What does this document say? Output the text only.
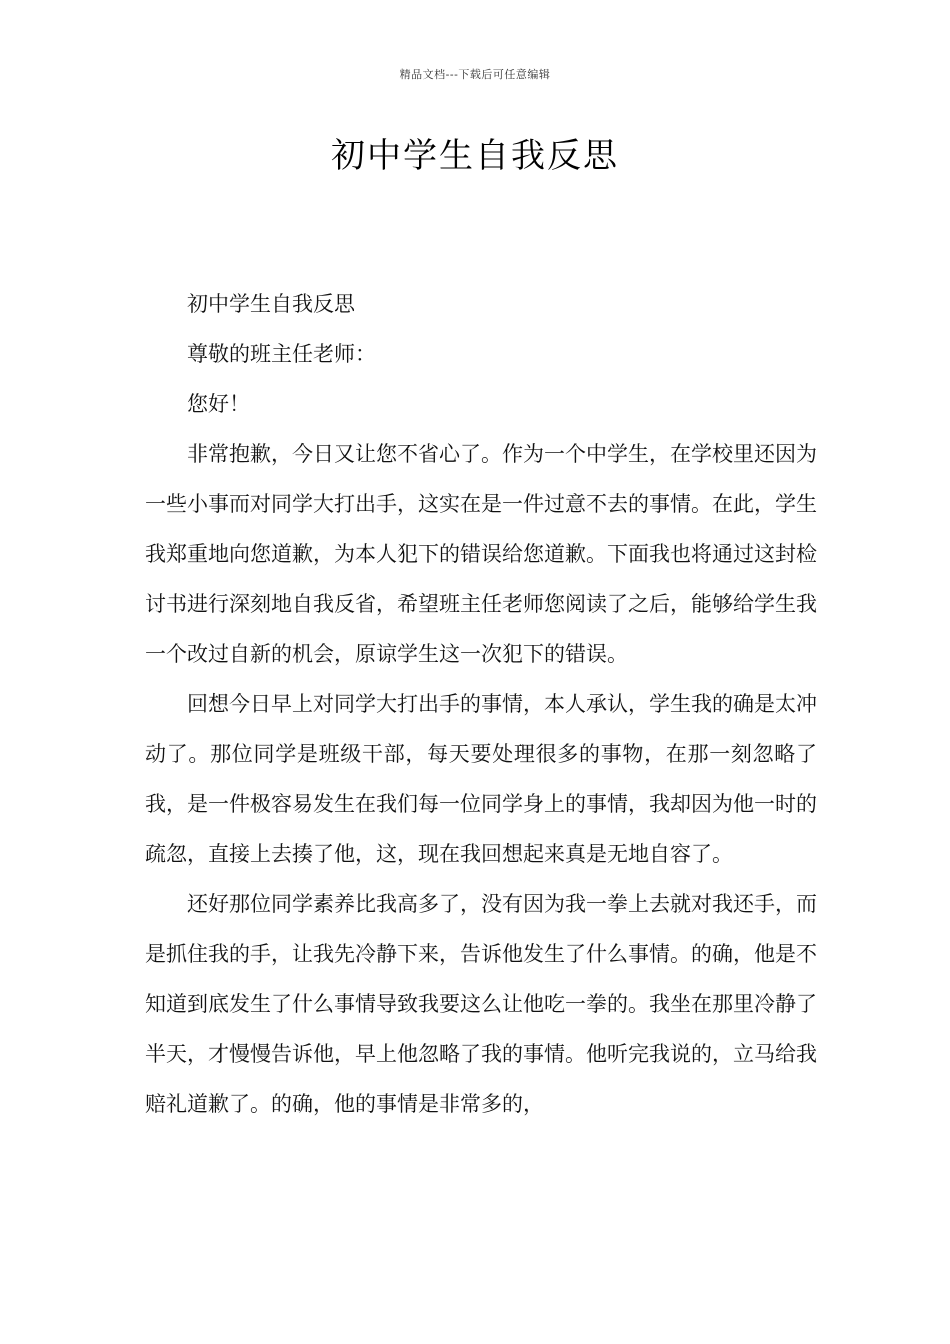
精品文档---下载后可任意编辑
初中学生自我反思

初中学生自我反思

尊敬的班主任老师：

您好！

非常抱歉，今日又让您不省心了。作为一个中学生，在学校里还因为一些小事而对同学大打出手，这实在是一件过意不去的事情。在此，学生我郑重地向您道歉，为本人犯下的错误给您道歉。下面我也将通过这封检讨书进行深刻地自我反省，希望班主任老师您阅读了之后，能够给学生我一个改过自新的机会，原谅学生这一次犯下的错误。

回想今日早上对同学大打出手的事情，本人承认，学生我的确是太冲动了。那位同学是班级干部，每天要处理很多的事物，在那一刻忽略了我，是一件极容易发生在我们每一位同学身上的事情，我却因为他一时的疏忽，直接上去揍了他，这，现在我回想起来真是无地自容了。

还好那位同学素养比我高多了，没有因为我一拳上去就对我还手，而是抓住我的手，让我先冷静下来，告诉他发生了什么事情。的确，他是不知道到底发生了什么事情导致我要这么让他吃一拳的。我坐在那里冷静了半天，才慢慢告诉他，早上他忽略了我的事情。他听完我说的，立马给我赔礼道歉了。的确，他的事情是非常多的，
